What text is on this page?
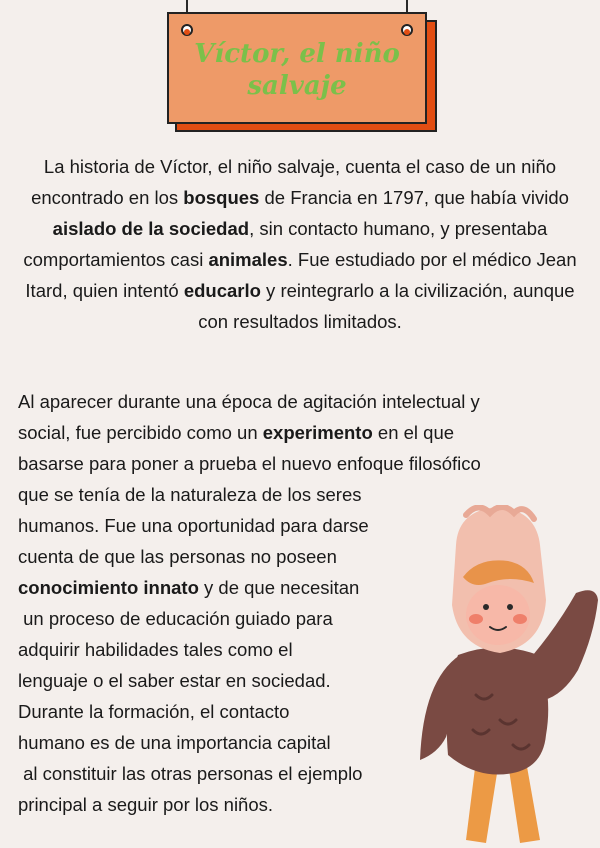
Víctor, el niño
salvaje
La historia de Víctor, el niño salvaje, cuenta el caso de un niño encontrado en los bosques de Francia en 1797, que había vivido aislado de la sociedad, sin contacto humano, y presentaba comportamientos casi animales. Fue estudiado por el médico Jean Itard, quien intentó educarlo y reintegrarlo a la civilización, aunque con resultados limitados.
Al aparecer durante una época de agitación intelectual y
social, fue percibido como un experimento en el que
basarse para poner a prueba el nuevo enfoque filosófico
que se tenía de la naturaleza de los seres
humanos. Fue una oportunidad para darse
cuenta de que las personas no poseen
conocimiento innato y de que necesitan
un proceso de educación guiado para
adquirir habilidades tales como el
lenguaje o el saber estar en sociedad.
Durante la formación, el contacto
humano es de una importancia capital
al constituir las otras personas el ejemplo
principal a seguir por los niños.
